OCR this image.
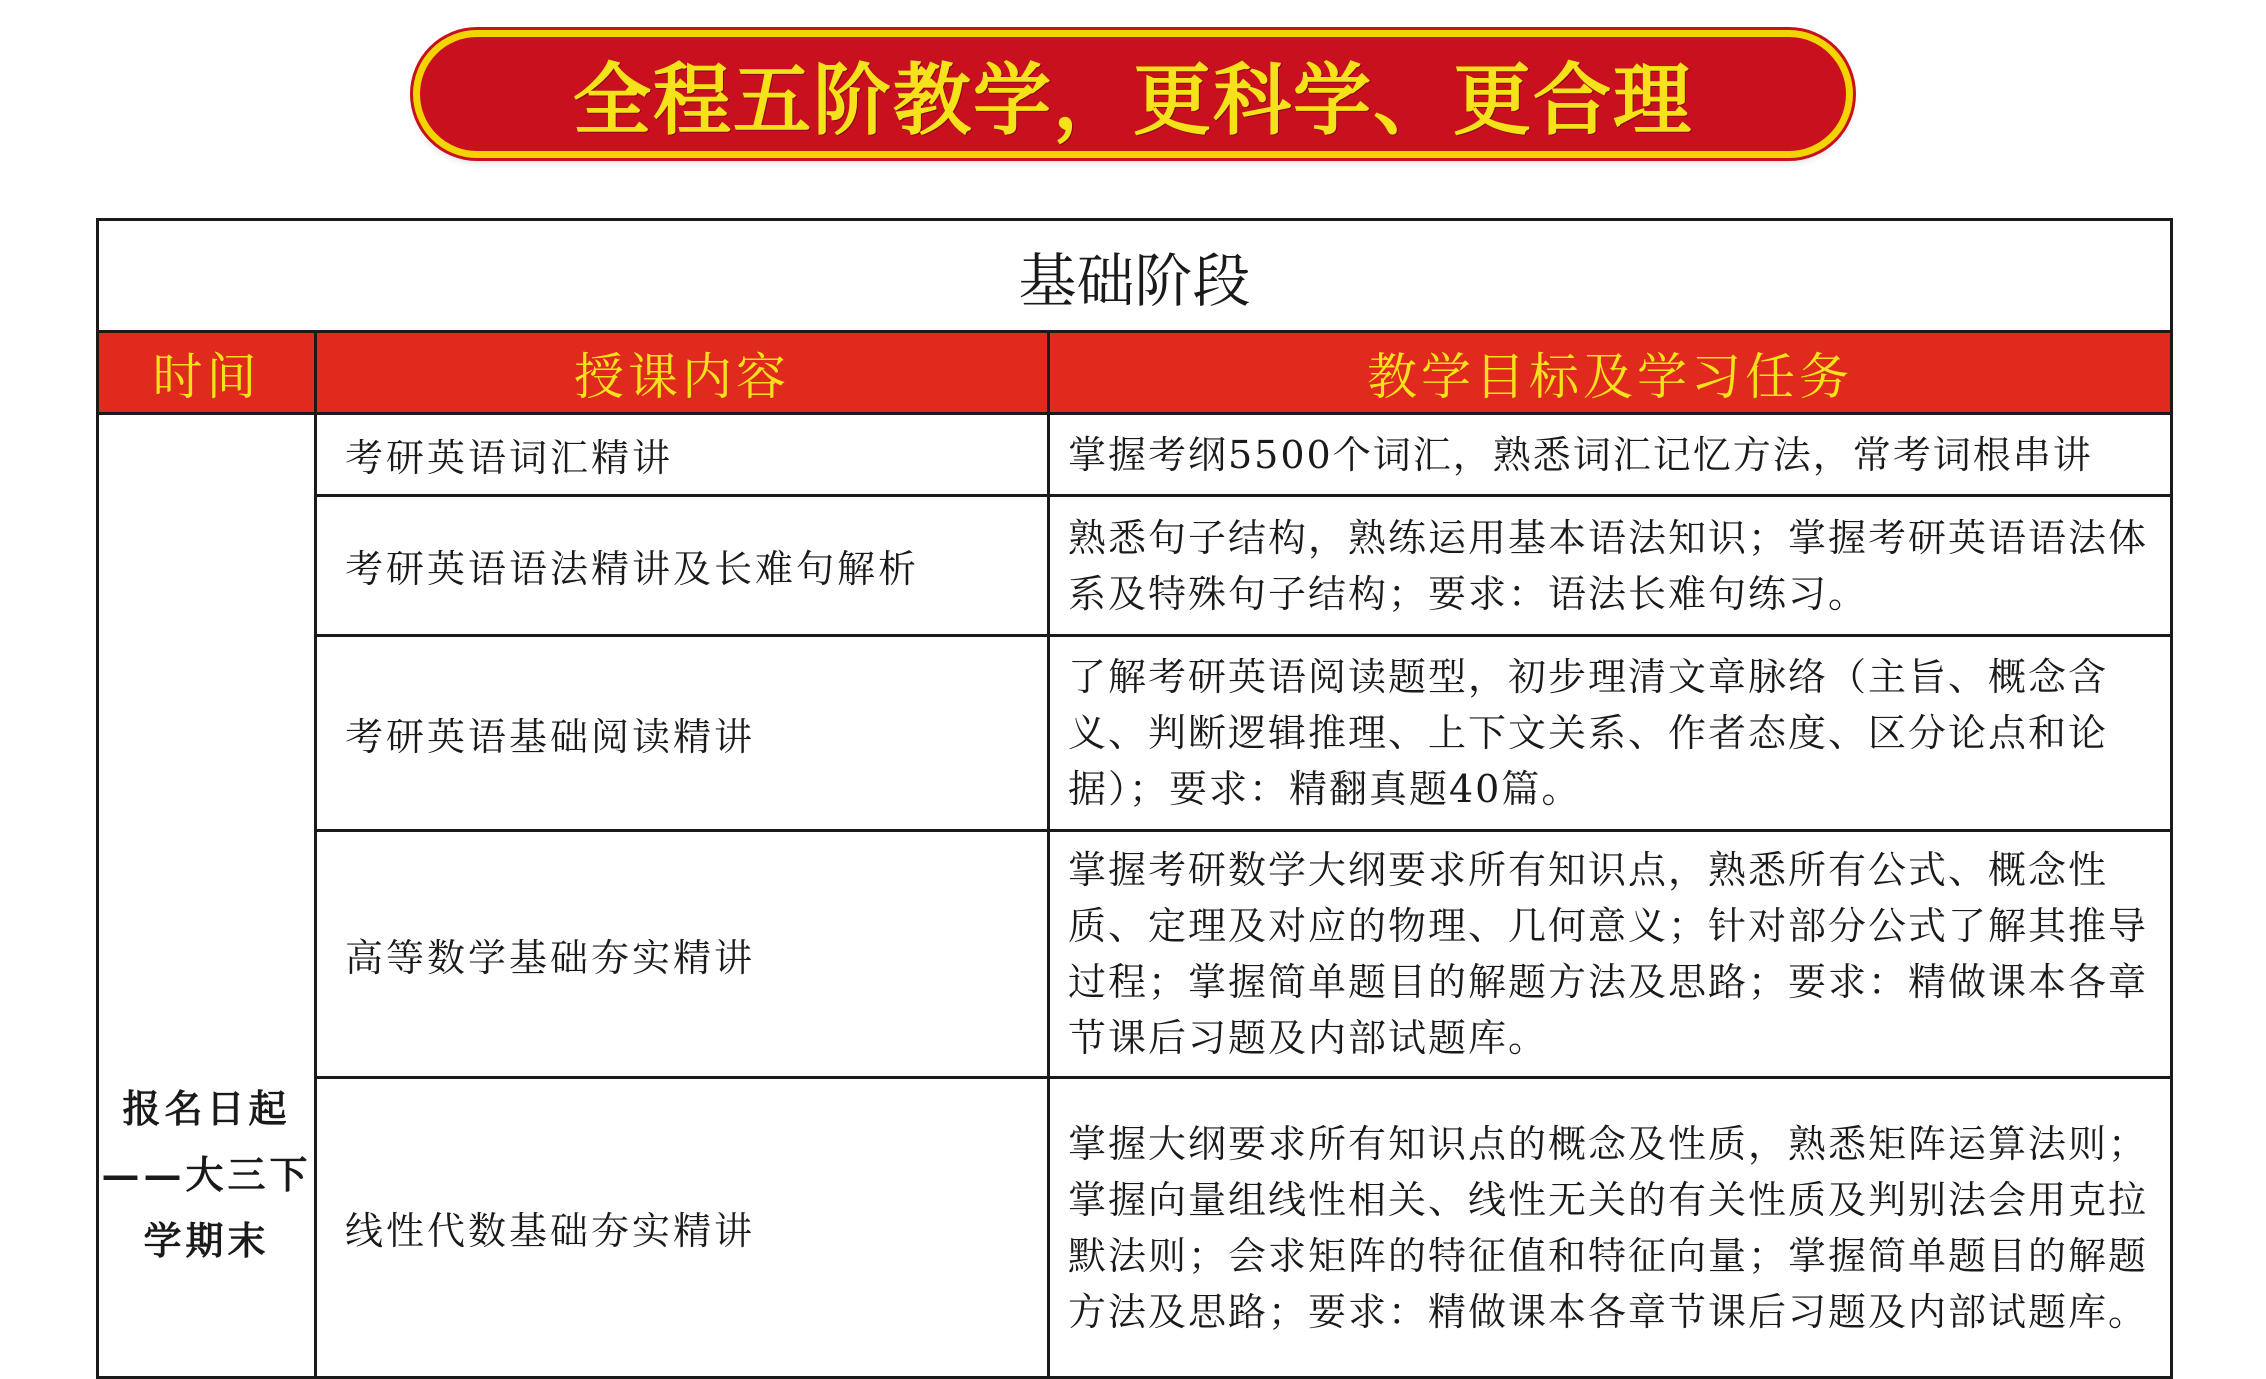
全程五阶教学，更科学、更合理
基础阶段		
时间	授课内容	教学目标及学习任务
报名日起——大三下学期末	考研英语词汇精讲	掌握考纲5500个词汇，熟悉词汇记忆方法，常考词根串讲
	考研英语语法精讲及长难句解析	熟悉句子结构，熟练运用基本语法知识；掌握考研英语语法体系及特殊句子结构；要求：语法长难句练习。
	考研英语基础阅读精讲	了解考研英语阅读题型，初步理清文章脉络（主旨、概念含义、判断逻辑推理、上下文关系、作者态度、区分论点和论据）；要求：精翻真题40篇。
	高等数学基础夯实精讲	掌握考研数学大纲要求所有知识点，熟悉所有公式、概念性质、定理及对应的物理、几何意义；针对部分公式了解其推导过程；掌握简单题目的解题方法及思路；要求：精做课本各章节课后习题及内部试题库。
	线性代数基础夯实精讲	掌握大纲要求所有知识点的概念及性质，熟悉矩阵运算法则；掌握向量组线性相关、线性无关的有关性质及判别法会用克拉默法则；会求矩阵的特征值和特征向量；掌握简单题目的解题方法及思路；要求：精做课本各章节课后习题及内部试题库。
